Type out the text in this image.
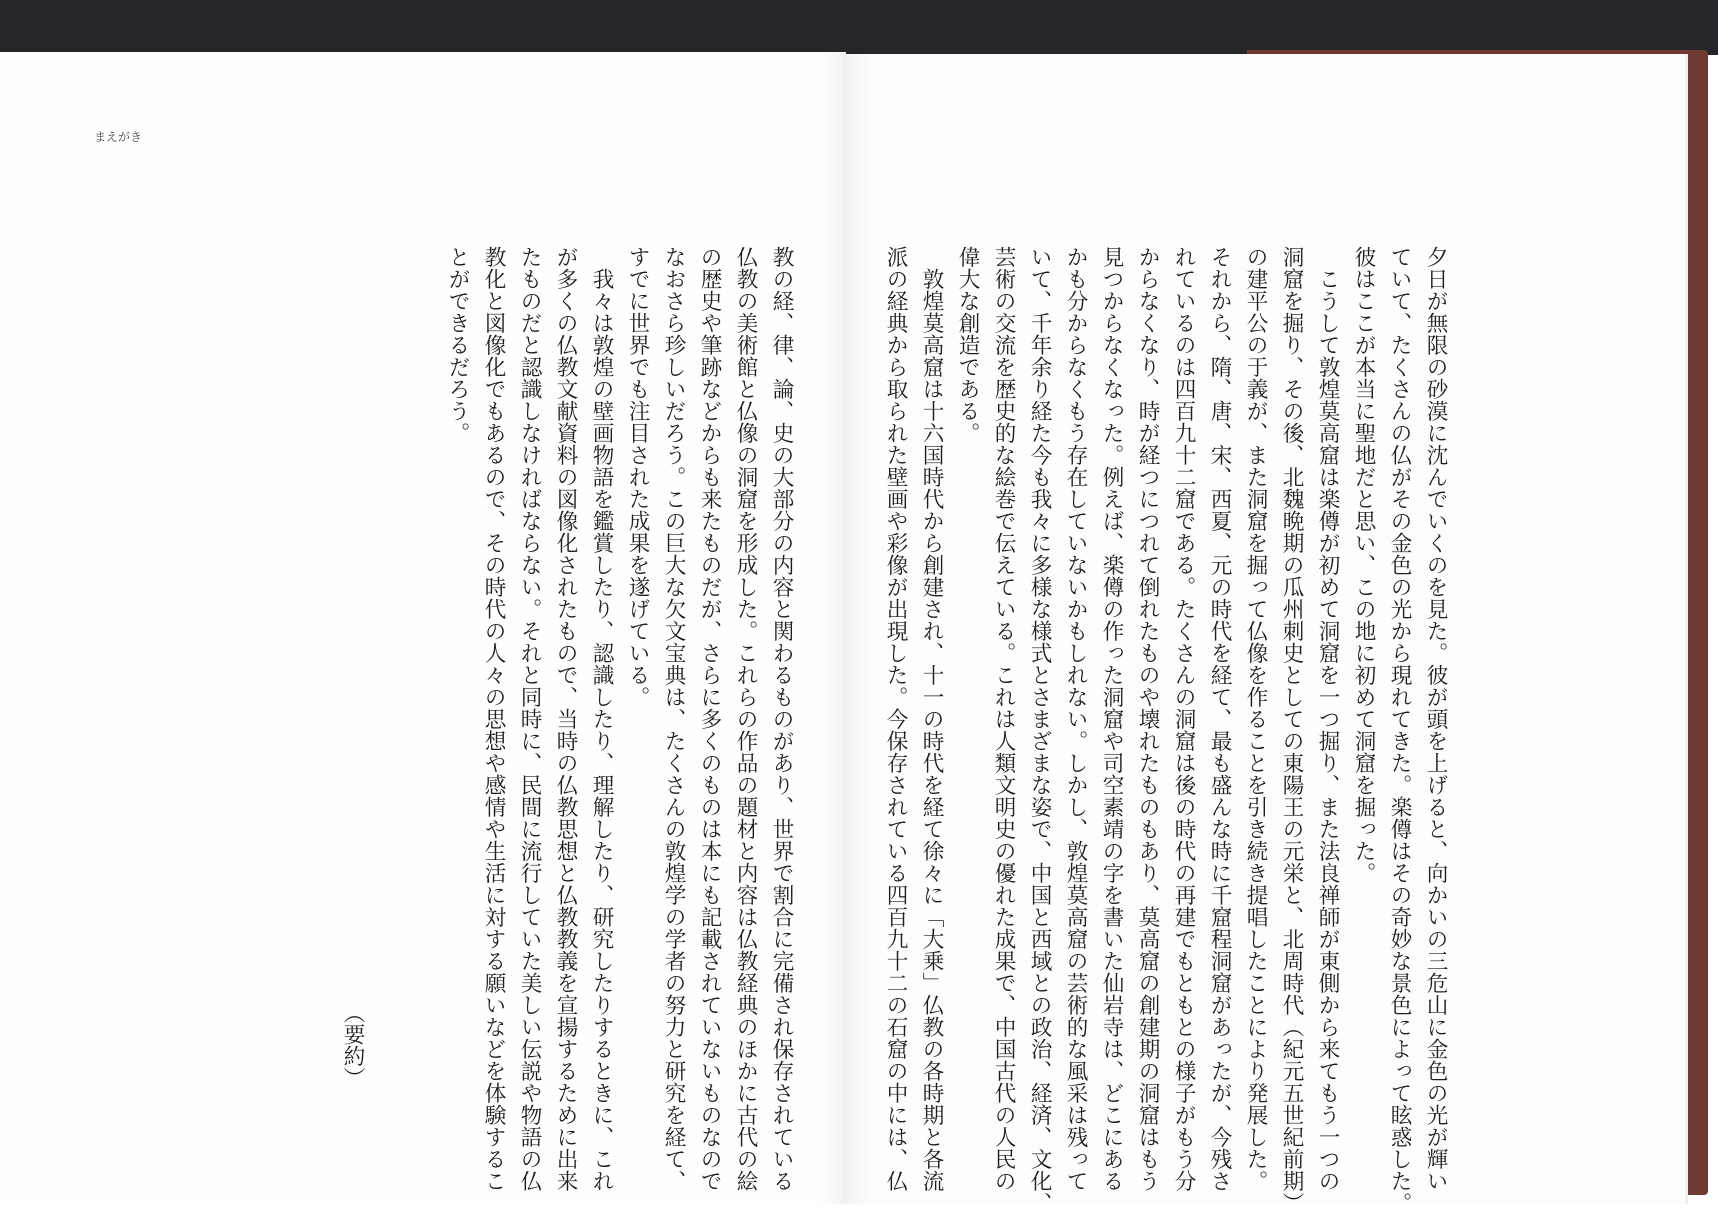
まえがき
夕日が無限の砂漠に沈んでいくのを見た。彼が頭を上げると、向かいの三危山に金色の光が輝い
ていて、たくさんの仏がその金色の光から現れてきた。楽僔はその奇妙な景色によって眩惑した。
彼はここが本当に聖地だと思い、この地に初めて洞窟を掘った。
　こうして敦煌莫高窟は楽僔が初めて洞窟を一つ掘り、また法良禅師が東側から来てもう一つの
洞窟を掘り、その後、北魏晩期の瓜州刺史としての東陽王の元栄と、北周時代（紀元五世紀前期）
の建平公の于義が、また洞窟を掘って仏像を作ることを引き続き提唱したことにより発展した。
それから、隋、唐、宋、西夏、元の時代を経て、最も盛んな時に千窟程洞窟があったが、今残さ
れているのは四百九十二窟である。たくさんの洞窟は後の時代の再建でもともとの様子がもう分
からなくなり、時が経つにつれて倒れたものや壊れたものもあり、莫高窟の創建期の洞窟はもう
見つからなくなった。例えば、楽僔の作った洞窟や司空素靖の字を書いた仙岩寺は、どこにある
かも分からなくもう存在していないかもしれない。しかし、敦煌莫高窟の芸術的な風采は残って
いて、千年余り経た今も我々に多様な様式とさまざまな姿で、中国と西域との政治、経済、文化、
芸術の交流を歴史的な絵巻で伝えている。これは人類文明史の優れた成果で、中国古代の人民の
偉大な創造である。
　敦煌莫高窟は十六国時代から創建され、十一の時代を経て徐々に「大乗」仏教の各時期と各流
派の経典から取られた壁画や彩像が出現した。今保存されている四百九十二の石窟の中には、仏
教の経、律、論、史の大部分の内容と関わるものがあり、世界で割合に完備され保存されている
仏教の美術館と仏像の洞窟を形成した。これらの作品の題材と内容は仏教経典のほかに古代の絵
の歴史や筆跡などからも来たものだが、さらに多くのものは本にも記載されていないものなので
なおさら珍しいだろう。この巨大な欠文宝典は、たくさんの敦煌学の学者の努力と研究を経て、
すでに世界でも注目された成果を遂げている。
　我々は敦煌の壁画物語を鑑賞したり、認識したり、理解したり、研究したりするときに、これ
が多くの仏教文献資料の図像化されたもので、当時の仏教思想と仏教教義を宣揚するために出来
たものだと認識しなければならない。それと同時に、民間に流行していた美しい伝説や物語の仏
教化と図像化でもあるので、その時代の人々の思想や感情や生活に対する願いなどを体験するこ
とができるだろう。
（要約）
